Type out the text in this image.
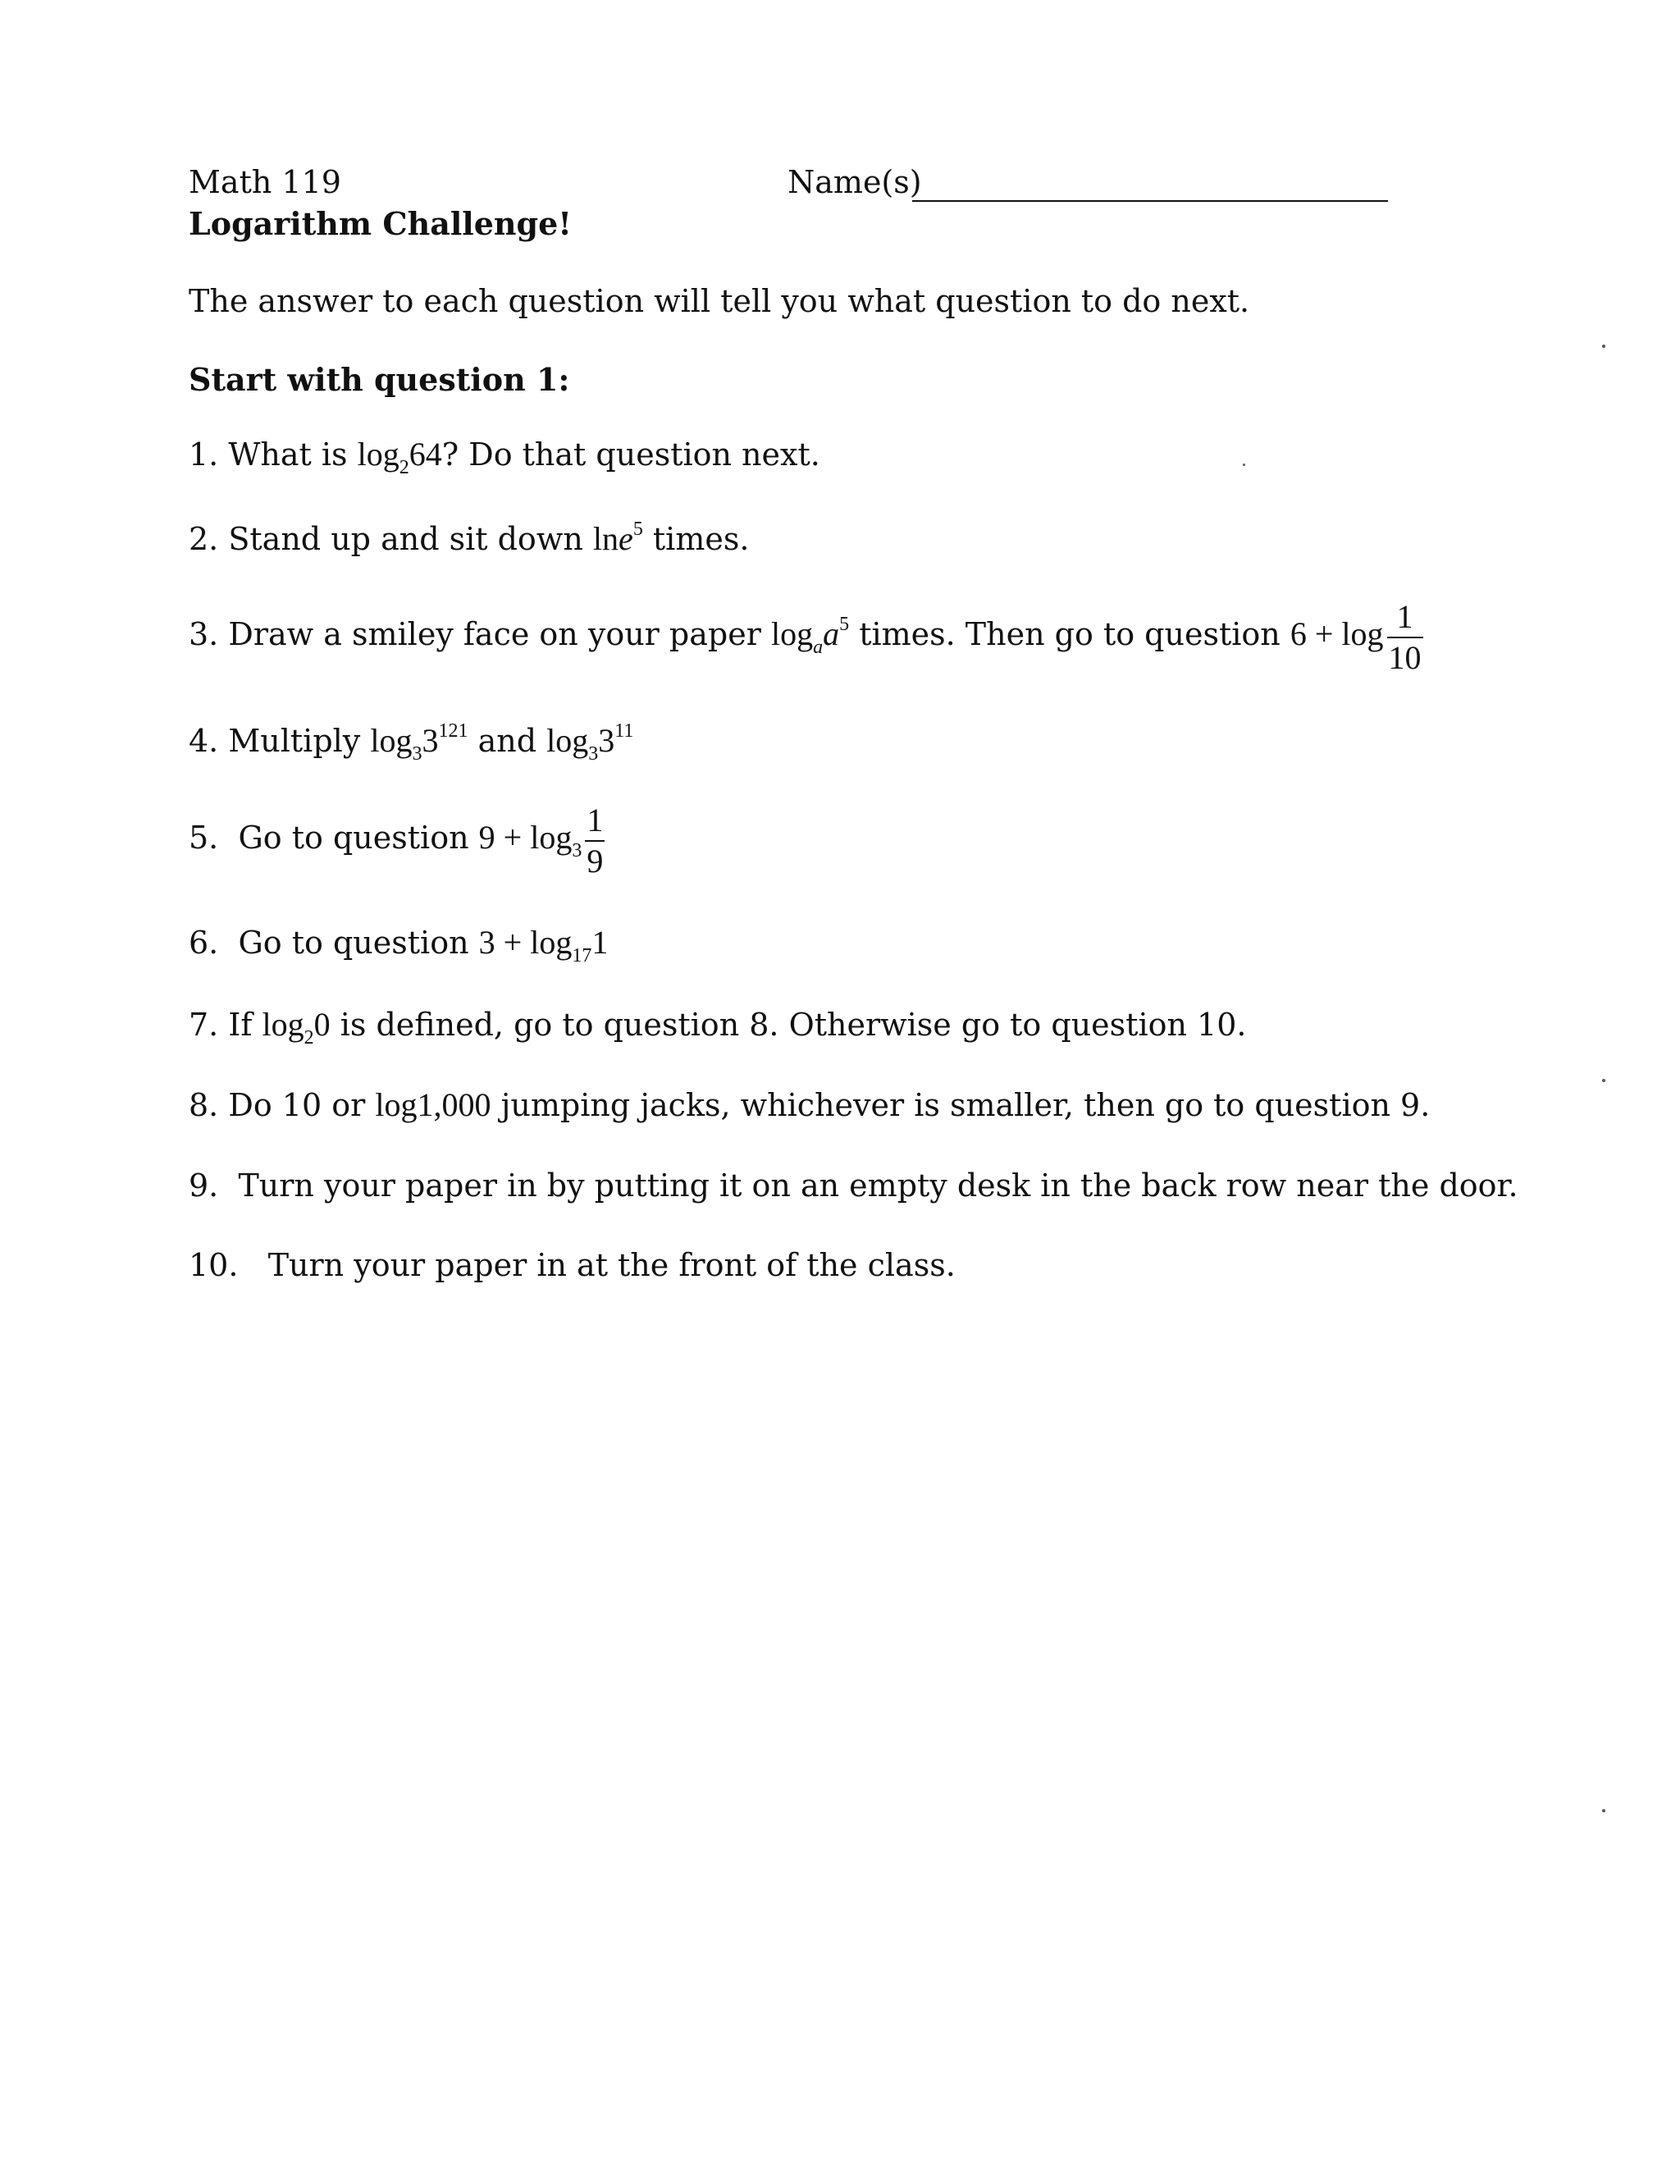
Math 119	Name(s)
Logarithm Challenge!
The answer to each question will tell you what question to do next.
Start with question 1:
1. What is $\log_264$? Do that question next.
2. Stand up and sit down lne$^5$ times.
3. Draw a smiley face on your paper $\log_aa^5$ times. Then go to question $6 + \log \frac{1}{10}$
4. Multiply $\log_33^{121}$ and $\log_33^{11}$
5. Go to question $9 + \log_3 \frac{1}{9}$
6. Go to question $3 + \log_{17}1$
7. If $\log_20$ is defined, go to question 8. Otherwise go to question 10.
8. Do 10 or log1,000 jumping jacks, whichever is smaller, then go to question 9.
9. Turn your paper in by putting it on an empty desk in the back row near the door.
10. Turn your paper in at the front of the class.
